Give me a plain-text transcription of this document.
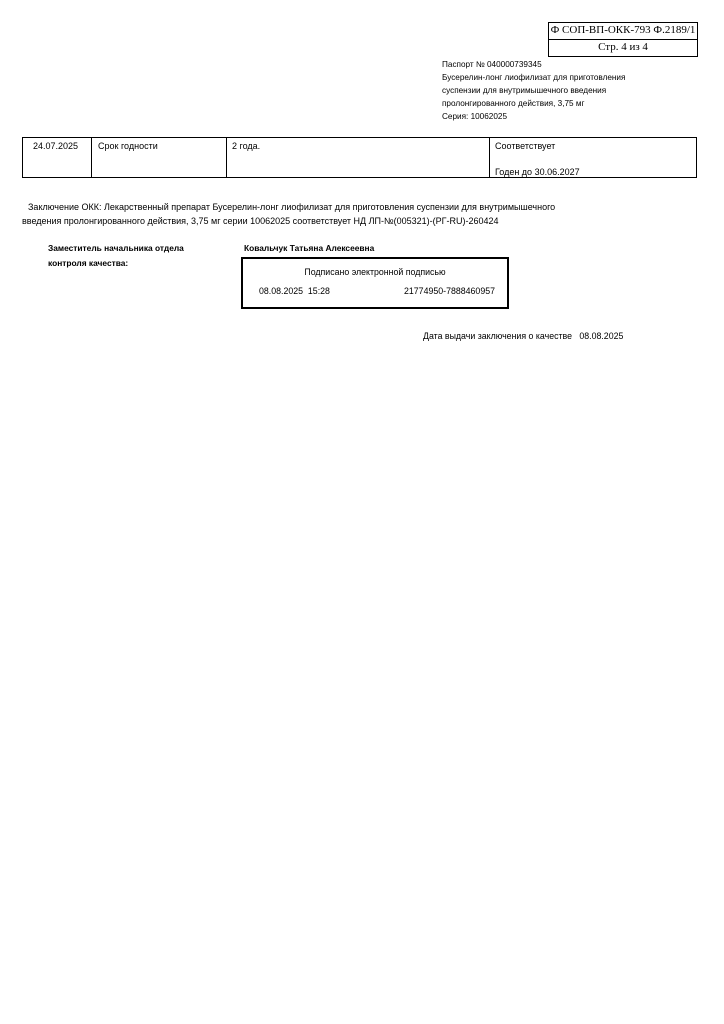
Ф СОП-ВП-ОКК-793 Ф.2189/1
Стр. 4 из 4
Паспорт № 040000739345
Бусерелин-лонг лиофилизат для приготовления
суспензии для внутримышечного введения
пролонгированного действия, 3,75 мг
Серия: 10062025
24.07.2025 Срок годности	2 года.	Соответствует
Годен до 30.06.2027
Заключение ОКК: Лекарственный препарат Бусерелин-лонг лиофилизат для приготовления суспензии для внутримышечного
введения пролонгированного действия, 3,75 мг серии 10062025 соответствует НД ЛП-№(005321)-(РГ-RU)-260424
Заместитель начальника отдела
контроля качества:
Ковальчук Татьяна Алексеевна
Подписано электронной подписью
08.08.2025  15:28	21774950-7888460957
Дата выдачи заключения о качестве   08.08.2025
